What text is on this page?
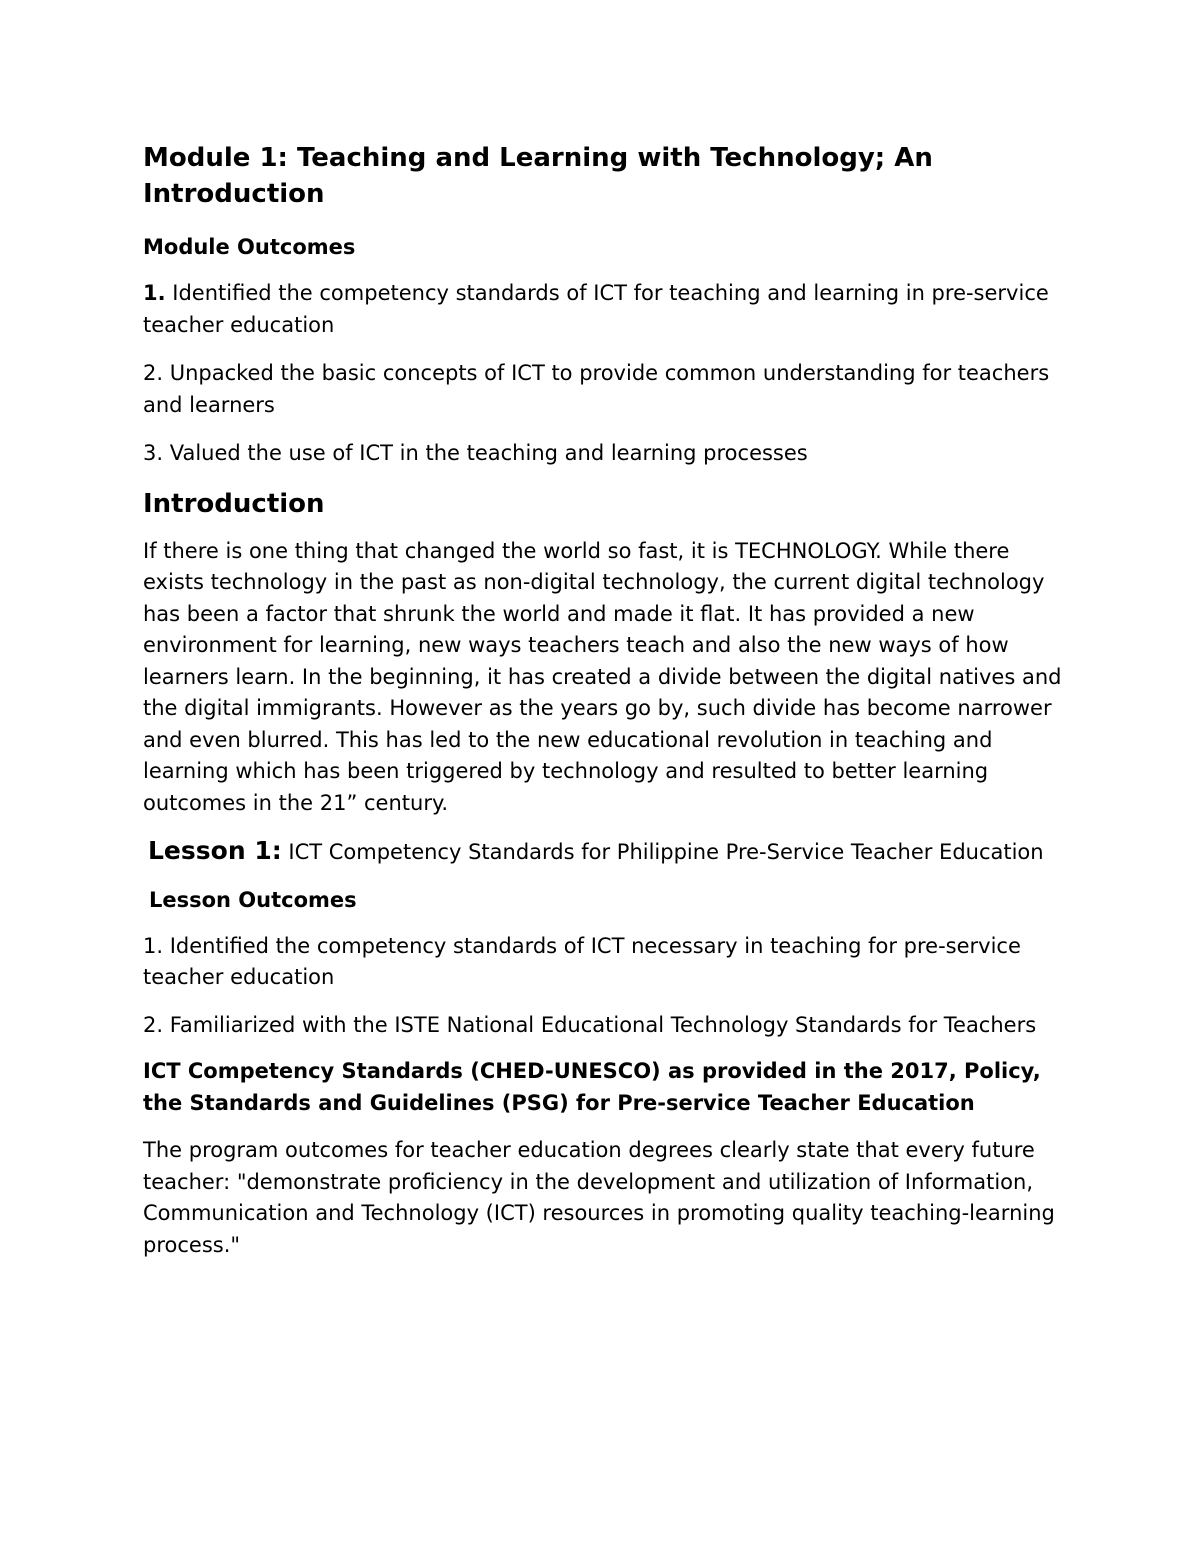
Module 1: Teaching and Learning with Technology; An Introduction
Module Outcomes

1. Identified the competency standards of ICT for teaching and learning in pre-service teacher education

2. Unpacked the basic concepts of ICT to provide common understanding for teachers and learners

3. Valued the use of ICT in the teaching and learning processes

Introduction

If there is one thing that changed the world so fast, it is TECHNOLOGY. While there exists technology in the past as non-digital technology, the current digital technology has been a factor that shrunk the world and made it flat. It has provided a new environment for learning, new ways teachers teach and also the new ways of how learners learn. In the beginning, it has created a divide between the digital natives and the digital immigrants. However as the years go by, such divide has become narrower and even blurred. This has led to the new educational revolution in teaching and learning which has been triggered by technology and resulted to better learning outcomes in the 21” century.

Lesson 1: ICT Competency Standards for Philippine Pre-Service Teacher Education

Lesson Outcomes

1. Identified the competency standards of ICT necessary in teaching for pre-service teacher education

2. Familiarized with the ISTE National Educational Technology Standards for Teachers

ICT Competency Standards (CHED-UNESCO) as provided in the 2017, Policy, the Standards and Guidelines (PSG) for Pre-service Teacher Education

The program outcomes for teacher education degrees clearly state that every future teacher: "demonstrate proficiency in the development and utilization of Information, Communication and Technology (ICT) resources in promoting quality teaching-learning process."
